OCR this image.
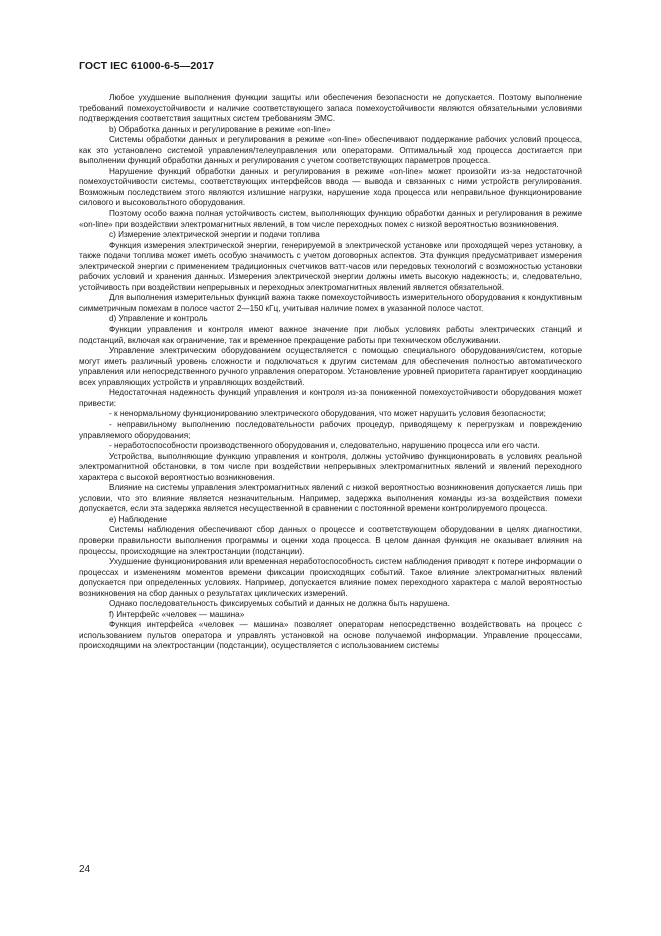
ГОСТ IEC 61000-6-5—2017

Любое ухудшение выполнения функции защиты или обеспечения безопасности не допускается. Поэтому выполнение требований помехоустойчивости и наличие соответствующего запаса помехоустойчивости являются обязательными условиями подтверждения соответствия защитных систем требованиям ЭМС.

b) Обработка данных и регулирование в режиме «on-line»

Системы обработки данных и регулирования в режиме «on-line» обеспечивают поддержание рабочих условий процесса, как это установлено системой управления/телеуправления или операторами. Оптимальный ход процесса достигается при выполнении функций обработки данных и регулирования с учетом соответствующих параметров процесса.

Нарушение функций обработки данных и регулирования в режиме «on-line» может произойти из-за недостаточной помехоустойчивости системы, соответствующих интерфейсов ввода — вывода и связанных с ними устройств регулирования. Возможным последствием этого являются излишние нагрузки, нарушение хода процесса или неправильное функционирование силового и высоковольтного оборудования.

Поэтому особо важна полная устойчивость систем, выполняющих функцию обработки данных и регулирования в режиме «on-line» при воздействии электромагнитных явлений, в том числе переходных помех с низкой вероятностью возникновения.

c) Измерение электрической энергии и подачи топлива

Функция измерения электрической энергии, генерируемой в электрической установке или проходящей через установку, а также подачи топлива может иметь особую значимость с учетом договорных аспектов. Эта функция предусматривает измерения электрической энергии с применением традиционных счетчиков ватт-часов или передовых технологий с возможностью установки рабочих условий и хранения данных. Измерения электрической энергии должны иметь высокую надежность; и, следовательно, устойчивость при воздействии непрерывных и переходных электромагнитных явлений является обязательной.

Для выполнения измерительных функций важна также помехоустойчивость измерительного оборудования к кондуктивным симметричным помехам в полосе частот 2—150 кГц, учитывая наличие помех в указанной полосе частот.

d) Управление и контроль

Функции управления и контроля имеют важное значение при любых условиях работы электрических станций и подстанций, включая как ограничение, так и временное прекращение работы при техническом обслуживании.

Управление электрическим оборудованием осуществляется с помощью специального оборудования/систем, которые могут иметь различный уровень сложности и подключаться к другим системам для обеспечения полностью автоматического управления или непосредственного ручного управления оператором. Установление уровней приоритета гарантирует координацию всех управляющих устройств и управляющих воздействий.

Недостаточная надежность функций управления и контроля из-за пониженной помехоустойчивости оборудования может привести:

- к ненормальному функционированию электрического оборудования, что может нарушить условия безопасности;

- неправильному выполнению последовательности рабочих процедур, приводящему к перегрузкам и повреждению управляемого оборудования;

- неработоспособности производственного оборудования и, следовательно, нарушению процесса или его части.

Устройства, выполняющие функцию управления и контроля, должны устойчиво функционировать в условиях реальной электромагнитной обстановки, в том числе при воздействии непрерывных электромагнитных явлений и явлений переходного характера с высокой вероятностью возникновения.

Влияние на системы управления электромагнитных явлений с низкой вероятностью возникновения допускается лишь при условии, что это влияние является незначительным. Например, задержка выполнения команды из-за воздействия помехи допускается, если эта задержка является несущественной в сравнении с постоянной времени контролируемого процесса.

e) Наблюдение

Системы наблюдения обеспечивают сбор данных о процессе и соответствующем оборудовании в целях диагностики, проверки правильности выполнения программы и оценки хода процесса. В целом данная функция не оказывает влияния на процессы, происходящие на электростанции (подстанции).

Ухудшение функционирования или временная неработоспособность систем наблюдения приводят к потере информации о процессах и изменениям моментов времени фиксации происходящих событий. Такое влияние электромагнитных явлений допускается при определенных условиях. Например, допускается влияние помех переходного характера с малой вероятностью возникновения на сбор данных о результатах циклических измерений.

Однако последовательность фиксируемых событий и данных не должна быть нарушена.

f) Интерфейс «человек — машина»

Функция интерфейса «человек — машина» позволяет операторам непосредственно воздействовать на процесс с использованием пультов оператора и управлять установкой на основе получаемой информации. Управление процессами, происходящими на электростанции (подстанции), осуществляется с использованием системы

24
